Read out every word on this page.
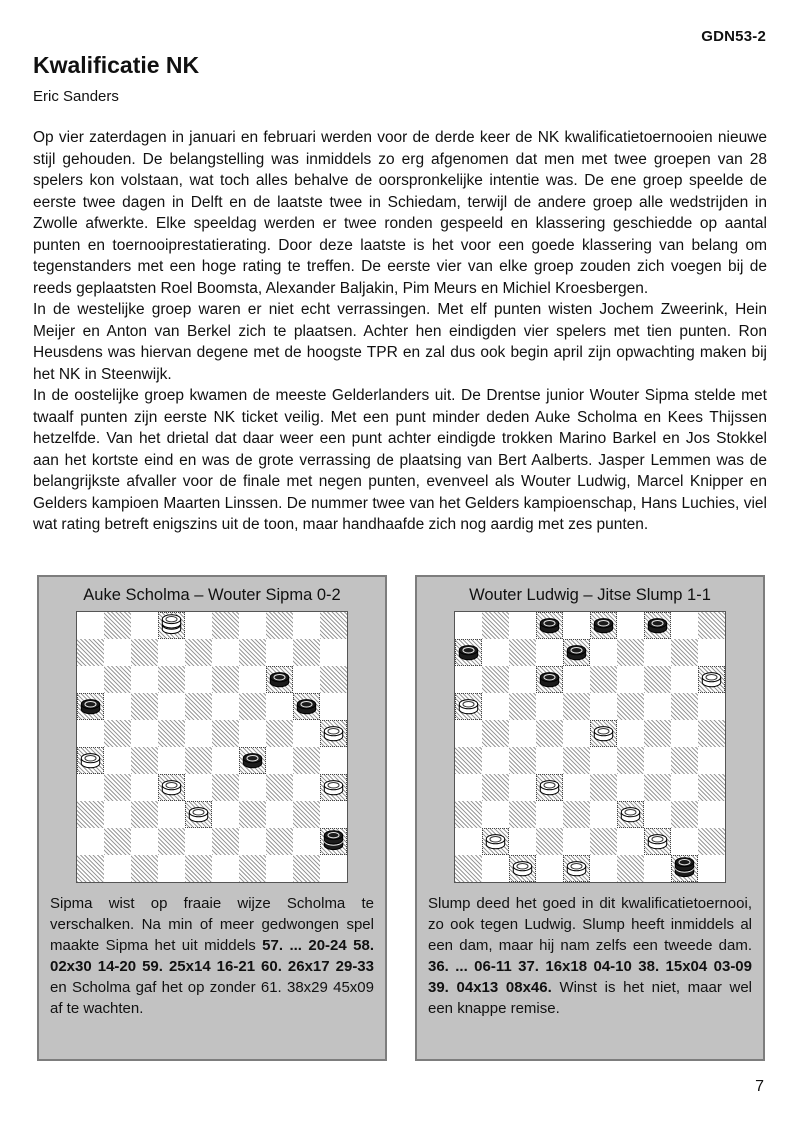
GDN53-2
Kwalificatie NK
Eric Sanders

Op vier zaterdagen in januari en februari werden voor de derde keer de NK kwalificatietoernooien nieuwe stijl gehouden. De belangstelling was inmiddels zo erg afgenomen dat men met twee groepen van 28 spelers kon volstaan, wat toch alles behalve de oorspronkelijke intentie was. De ene groep speelde de eerste twee dagen in Delft en de laatste twee in Schiedam, terwijl de andere groep alle wedstrijden in Zwolle afwerkte. Elke speeldag werden er twee ronden gespeeld en klassering geschiedde op aantal punten en toernooiprestatierating. Door deze laatste is het voor een goede klassering van belang om tegenstanders met een hoge rating te treffen. De eerste vier van elke groep zouden zich voegen bij de reeds geplaatsten Roel Boomsta, Alexander Baljakin, Pim Meurs en Michiel Kroesbergen.

In de westelijke groep waren er niet echt verrassingen. Met elf punten wisten Jochem Zweerink, Hein Meijer en Anton van Berkel zich te plaatsen. Achter hen eindigden vier spelers met tien punten. Ron Heusdens was hiervan degene met de hoogste TPR en zal dus ook begin april zijn opwachting maken bij het NK in Steenwijk.

In de oostelijke groep kwamen de meeste Gelderlanders uit. De Drentse junior Wouter Sipma stelde met twaalf punten zijn eerste NK ticket veilig. Met een punt minder deden Auke Scholma en Kees Thijssen hetzelfde. Van het drietal dat daar weer een punt achter eindigde trokken Marino Barkel en Jos Stokkel aan het kortste eind en was de grote verrassing de plaatsing van Bert Aalberts. Jasper Lemmen was de belangrijkste afvaller voor de finale met negen punten, evenveel als Wouter Ludwig, Marcel Knipper en Gelders kampioen Maarten Linssen. De nummer twee van het Gelders kampioenschap, Hans Luchies, viel wat rating betreft enigszins uit de toon, maar handhaafde zich nog aardig met zes punten.

Auke Scholma – Wouter Sipma 0-2

Sipma wist op fraaie wijze Scholma te verschalken. Na min of meer gedwongen spel maakte Sipma het uit middels 57. ... 20-24 58. 02x30 14-20 59. 25x14 16-21 60. 26x17 29-33 en Scholma gaf het op zonder 61. 38x29 45x09 af te wachten.

Wouter Ludwig – Jitse Slump 1-1

Slump deed het goed in dit kwalificatietoernooi, zo ook tegen Ludwig. Slump heeft inmiddels al een dam, maar hij nam zelfs een tweede dam. 36. ... 06-11 37. 16x18 04-10 38. 15x04 03-09 39. 04x13 08x46. Winst is het niet, maar wel een knappe remise.

7
